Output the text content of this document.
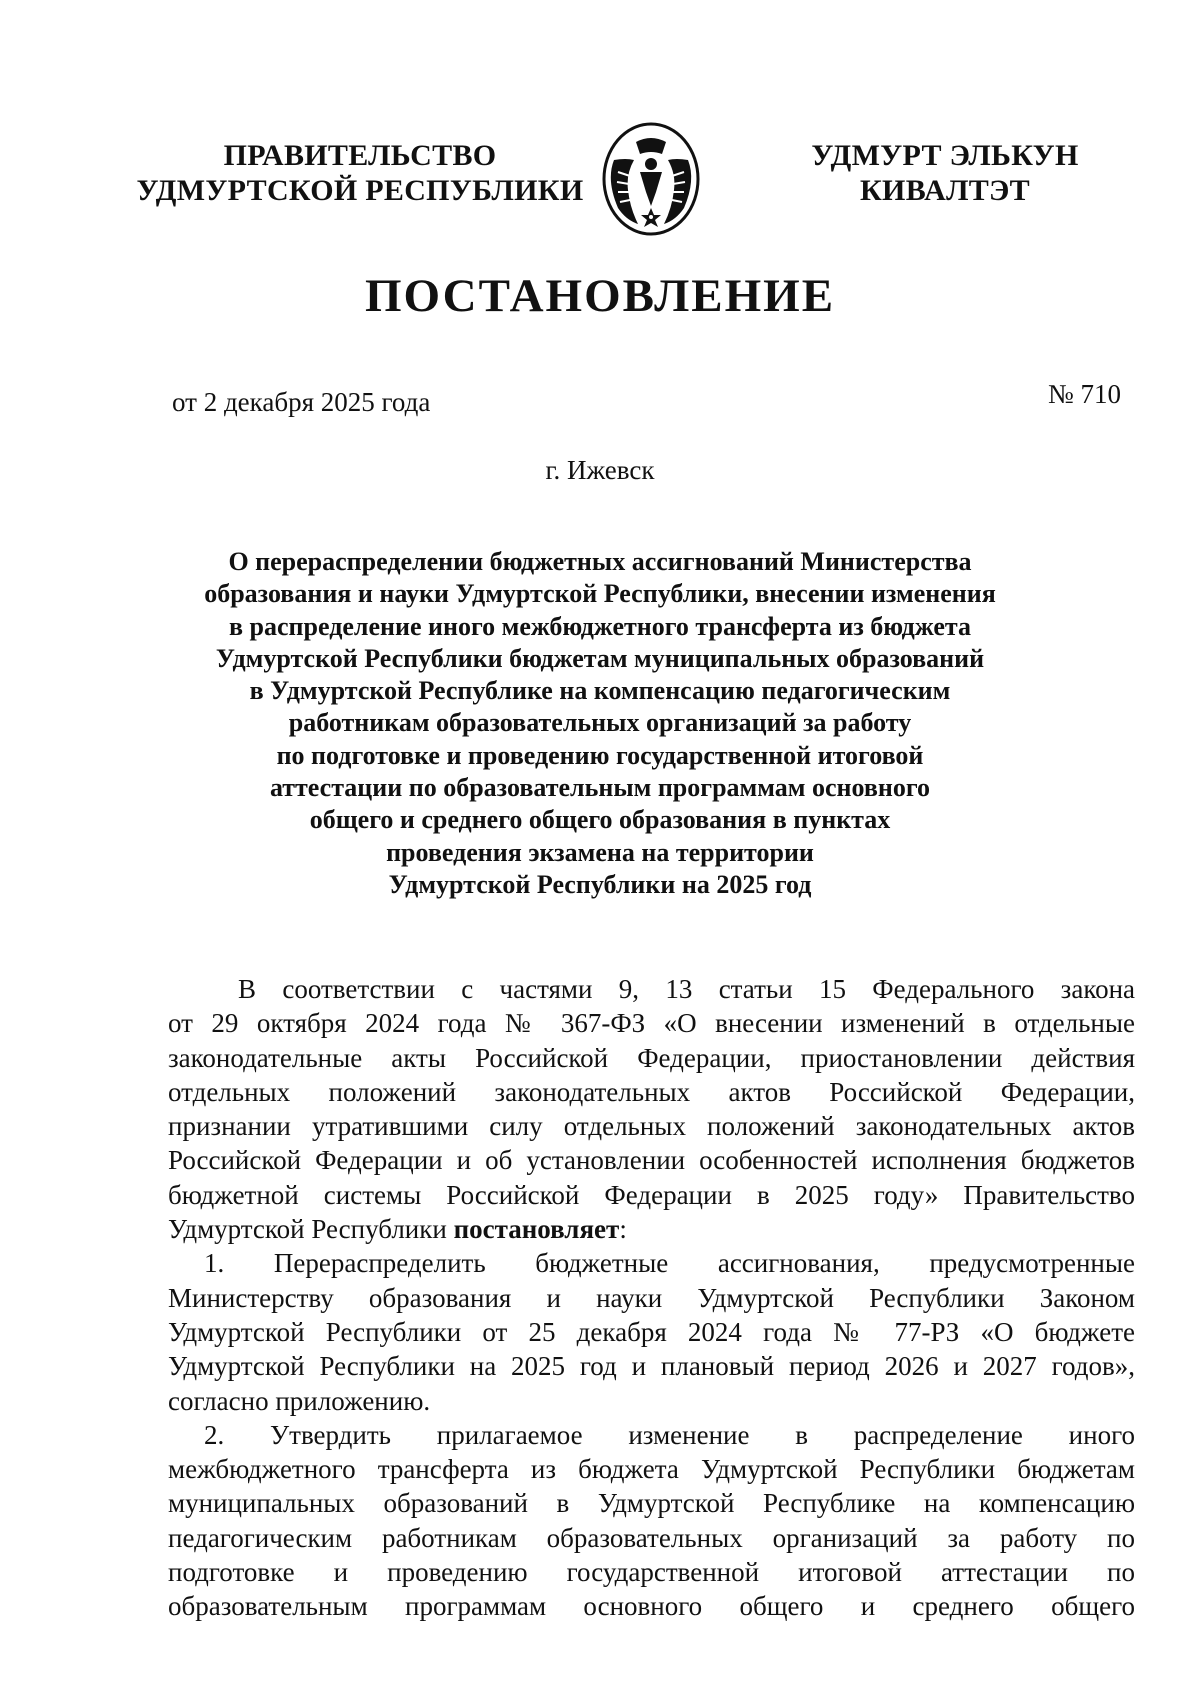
ПРАВИТЕЛЬСТВО
УДМУРТСКОЙ РЕСПУБЛИКИ
УДМУРТ ЭЛЬКУН
КИВАЛТЭТ
ПОСТАНОВЛЕНИЕ
от 2 декабря 2025 года	№ 710
г. Ижевск
О перераспределении бюджетных ассигнований Министерства
образования и науки Удмуртской Республики, внесении изменения
в распределение иного межбюджетного трансферта из бюджета
Удмуртской Республики бюджетам муниципальных образований
в Удмуртской Республике на компенсацию педагогическим
работникам образовательных организаций за работу
по подготовке и проведению государственной итоговой
аттестации по образовательным программам основного
общего и среднего общего образования в пунктах
проведения экзамена на территории
Удмуртской Республики на 2025 год
В соответствии с частями 9, 13 статьи 15 Федерального закона
от 29 октября 2024 года № 367-ФЗ «О внесении изменений в отдельные
законодательные акты Российской Федерации, приостановлении действия
отдельных положений законодательных актов Российской Федерации,
признании утратившими силу отдельных положений законодательных актов
Российской Федерации и об установлении особенностей исполнения бюджетов
бюджетной системы Российской Федерации в 2025 году» Правительство
Удмуртской Республики постановляет:
1. Перераспределить бюджетные ассигнования, предусмотренные
Министерству образования и науки Удмуртской Республики Законом
Удмуртской Республики от 25 декабря 2024 года № 77-РЗ «О бюджете
Удмуртской Республики на 2025 год и плановый период 2026 и 2027 годов»,
согласно приложению.
2. Утвердить прилагаемое изменение в распределение иного
межбюджетного трансферта из бюджета Удмуртской Республики бюджетам
муниципальных образований в Удмуртской Республике на компенсацию
педагогическим работникам образовательных организаций за работу по
подготовке и проведению государственной итоговой аттестации по
образовательным программам основного общего и среднего общего
